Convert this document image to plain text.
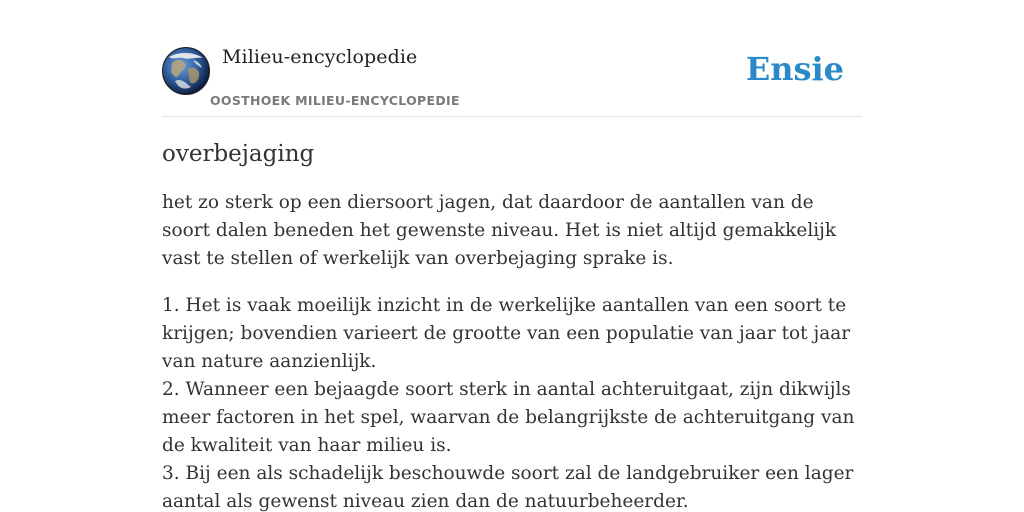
Milieu-encyclopedie
OOSTHOEK MILIEU-ENCYCLOPEDIE
Ensie
overbejaging

het zo sterk op een diersoort jagen, dat daardoor de aantallen van de soort dalen beneden het gewenste niveau. Het is niet altijd gemakkelijk vast te stellen of werkelijk van overbejaging sprake is.

1. Het is vaak moeilijk inzicht in de werkelijke aantallen van een soort te krijgen; bovendien varieert de grootte van een populatie van jaar tot jaar van nature aanzienlijk.
2. Wanneer een bejaagde soort sterk in aantal achteruitgaat, zijn dikwijls meer factoren in het spel, waarvan de belangrijkste de achteruitgang van de kwaliteit van haar milieu is.
3. Bij een als schadelijk beschouwde soort zal de landgebruiker een lager aantal als gewenst niveau zien dan de natuurbeheerder.
